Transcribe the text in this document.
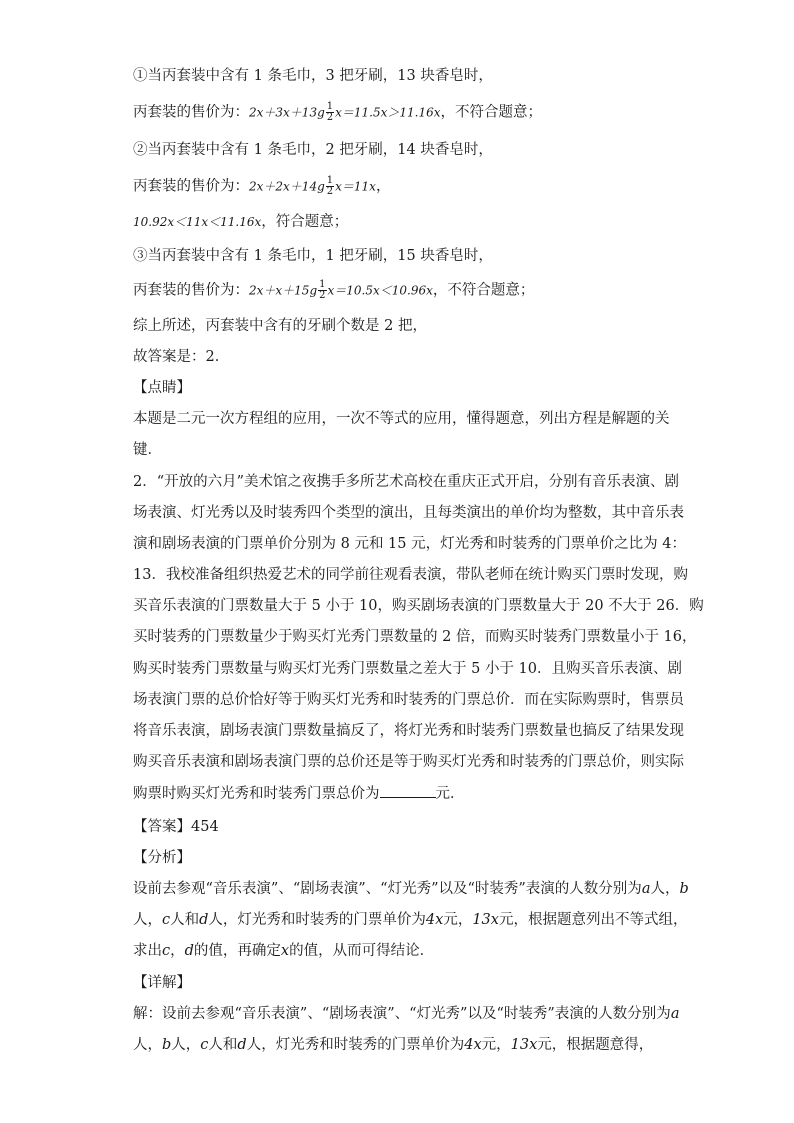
①当丙套装中含有 1 条毛巾，3 把牙刷，13 块香皂时，
丙套装的售价为：$2x+3x+13g \frac{1}{2} x=11.5x>11.16x$，不符合题意；
②当丙套装中含有 1 条毛巾，2 把牙刷，14 块香皂时，
丙套装的售价为：$2x+2x+14g \frac{1}{2} x=11x$，
10.92x＜11x＜11.16x，符合题意；
③当丙套装中含有 1 条毛巾，1 把牙刷，15 块香皂时，
丙套装的售价为：$2x+x+15g \frac{1}{2} x=10.5x<10.96x$，不符合题意；
综上所述，丙套装中含有的牙刷个数是 2 把，
故答案是：2．
【点睛】
本题是二元一次方程组的应用，一次不等式的应用，懂得题意，列出方程是解题的关
键．
2．“开放的六月”美术馆之夜携手多所艺术高校在重庆正式开启，分别有音乐表演、剧
场表演、灯光秀以及时装秀四个类型的演出，且每类演出的单价均为整数，其中音乐表
演和剧场表演的门票单价分别为 8 元和 15 元，灯光秀和时装秀的门票单价之比为 4：
13．我校准备组织热爱艺术的同学前往观看表演，带队老师在统计购买门票时发现，购
买音乐表演的门票数量大于 5 小于 10，购买剧场表演的门票数量大于 20 不大于 26．购
买时装秀的门票数量少于购买灯光秀门票数量的 2 倍，而购买时装秀门票数量小于 16，
购买时装秀门票数量与购买灯光秀门票数量之差大于 5 小于 10．且购买音乐表演、剧
场表演门票的总价恰好等于购买灯光秀和时装秀的门票总价．而在实际购票时，售票员
将音乐表演，剧场表演门票数量搞反了，将灯光秀和时装秀门票数量也搞反了结果发现
购买音乐表演和剧场表演门票的总价还是等于购买灯光秀和时装秀的门票总价，则实际
购票时购买灯光秀和时装秀门票总价为	元．
【答案】454
【分析】
设前去参观“音乐表演”、“剧场表演”、“灯光秀”以及“时装秀”表演的人数分别为a人，b
人，c人和d人，灯光秀和时装秀的门票单价为4x元，13x元，根据题意列出不等式组，
求出c，d的值，再确定x的值，从而可得结论．
【详解】
解：设前去参观“音乐表演”、“剧场表演”、“灯光秀”以及“时装秀”表演的人数分别为a
人，b人，c人和d人，灯光秀和时装秀的门票单价为4x元，13x元，根据题意得，
